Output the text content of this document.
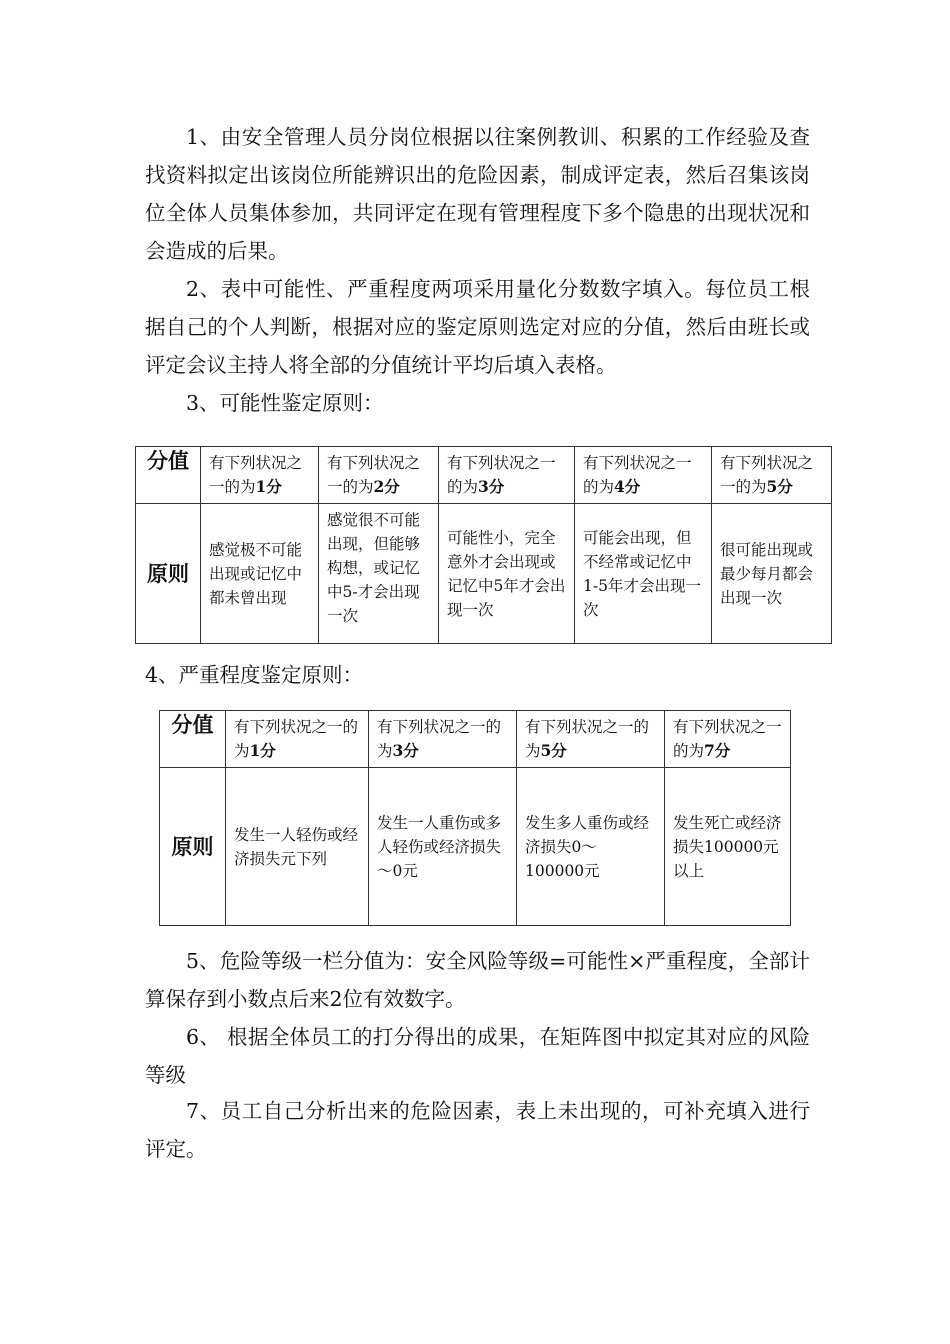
1、由安全管理人员分岗位根据以往案例教训、积累的工作经验及查找资料拟定出该岗位所能辨识出的危险因素，制成评定表，然后召集该岗位全体人员集体参加，共同评定在现有管理程度下多个隐患的出现状况和会造成的后果。

2、表中可能性、严重程度两项采用量化分数数字填入。每位员工根据自己的个人判断，根据对应的鉴定原则选定对应的分值，然后由班长或评定会议主持人将全部的分值统计平均后填入表格。

3、可能性鉴定原则：

分值	有下列状况之一的为1分	有下列状况之一的为2分	有下列状况之一的为3分	有下列状况之一的为4分	有下列状况之一的为5分
原则	感觉极不可能出现或记忆中都未曾出现	感觉很不可能出现，但能够构想，或记忆中5-才会出现一次	可能性小，完全意外才会出现或记忆中5年才会出现一次	可能会出现，但不经常或记忆中1-5年才会出现一次	很可能出现或最少每月都会出现一次

4、严重程度鉴定原则：

分值	有下列状况之一的为1分	有下列状况之一的为3分	有下列状况之一的为5分	有下列状况之一的为7分
原则	发生一人轻伤或经济损失元下列	发生一人重伤或多人轻伤或经济损失～0元	发生多人重伤或经济损失0～100000元	发生死亡或经济损失100000元以上

5、危险等级一栏分值为：安全风险等级=可能性×严重程度，全部计算保存到小数点后来2位有效数字。

6、 根据全体员工的打分得出的成果，在矩阵图中拟定其对应的风险等级

7、员工自己分析出来的危险因素，表上未出现的，可补充填入进行评定。
